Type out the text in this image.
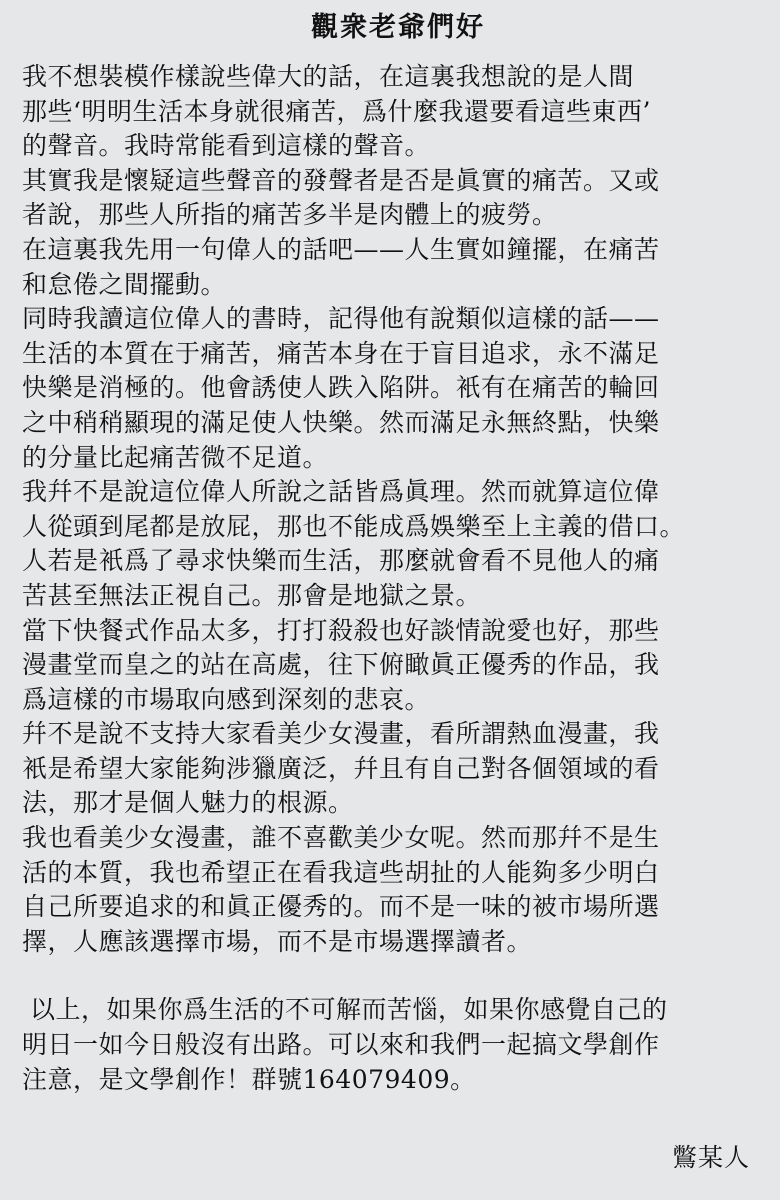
觀衆老爺們好
我不想裝模作樣說些偉大的話，在這裏我想說的是人間
那些‘明明生活本身就很痛苦，爲什麼我還要看這些東西’
的聲音。我時常能看到這樣的聲音。
其實我是懷疑這些聲音的發聲者是否是眞實的痛苦。又或
者說，那些人所指的痛苦多半是肉體上的疲勞。
在這裏我先用一句偉人的話吧——人生實如鐘擺，在痛苦
和怠倦之間擺動。
同時我讀這位偉人的書時，記得他有說類似這樣的話——
生活的本質在于痛苦，痛苦本身在于盲目追求，永不滿足
快樂是消極的。他會誘使人跌入陷阱。衹有在痛苦的輪回
之中稍稍顯現的滿足使人快樂。然而滿足永無終點，快樂
的分量比起痛苦微不足道。
我幷不是說這位偉人所說之話皆爲眞理。然而就算這位偉
人從頭到尾都是放屁，那也不能成爲娛樂至上主義的借口。
人若是衹爲了尋求快樂而生活，那麼就會看不見他人的痛
苦甚至無法正視自己。那會是地獄之景。
當下快餐式作品太多，打打殺殺也好談情說愛也好，那些
漫畫堂而皇之的站在高處，往下俯瞰眞正優秀的作品，我
爲這樣的市場取向感到深刻的悲哀。
幷不是說不支持大家看美少女漫畫，看所謂熱血漫畫，我
衹是希望大家能夠涉獵廣泛，幷且有自己對各個領域的看
法，那才是個人魅力的根源。
我也看美少女漫畫，誰不喜歡美少女呢。然而那幷不是生
活的本質，我也希望正在看我這些胡扯的人能夠多少明白
自己所要追求的和眞正優秀的。而不是一味的被市場所選
擇，人應該選擇市場，而不是市場選擇讀者。
以上，如果你爲生活的不可解而苦惱，如果你感覺自己的
明日一如今日般沒有出路。可以來和我們一起搞文學創作
注意，是文學創作！群號164079409。
鷩某人
